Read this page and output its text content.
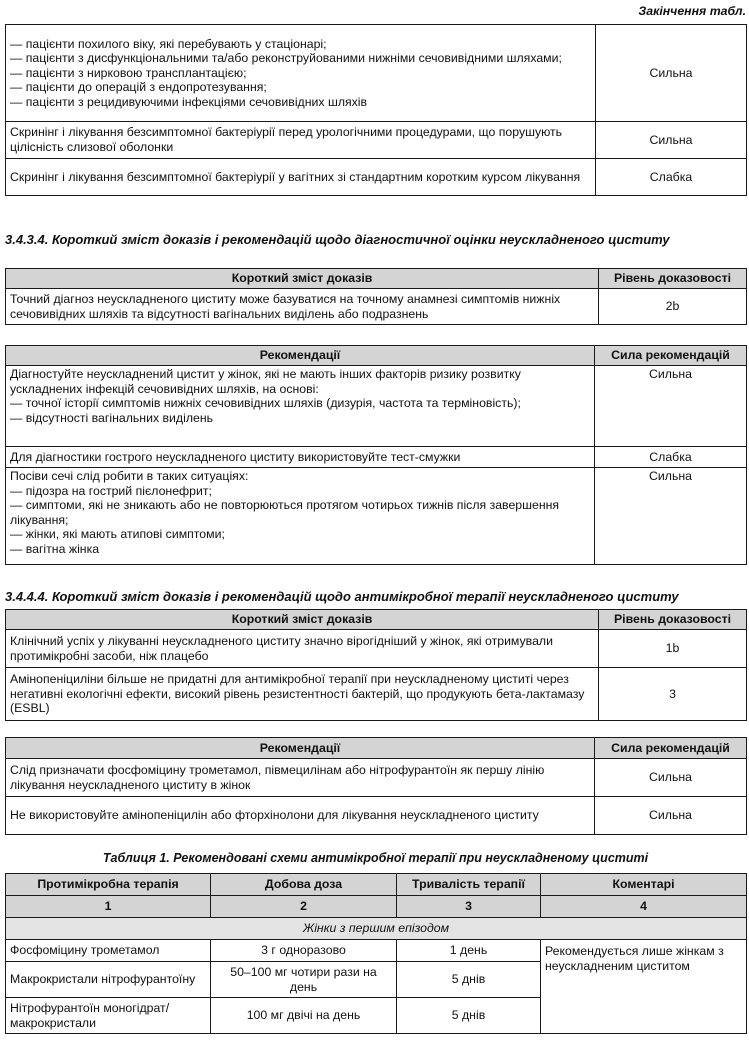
Закінчення табл.
— пацієнти похилого віку, які перебувають у стаціонарі;
— пацієнти з дисфункціональними та/або реконструйованими нижніми сечовивідними шляхами;
— пацієнти з нирковою трансплантацією;
— пацієнти до операцій з ендопротезування;
— пацієнти з рецидивуючими інфекціями сечовивідних шляхів	Сильна
Скринінг і лікування безсимптомної бактеріурії перед урологічними процедурами, що порушують цілісність слизової оболонки	Сильна
Скринінг і лікування безсимптомної бактеріурії у вагітних зі стандартним коротким курсом лікування	Слабка
3.4.3.4. Короткий зміст доказів і рекомендацій щодо діагностичної оцінки неускладненого циститу
Короткий зміст доказів	Рівень доказовості
Точний діагноз неускладненого циститу може базуватися на точному анамнезі симптомів нижніх сечовивідних шляхів та відсутності вагінальних виділень або подразнень	2b
Рекомендації	Сила рекомендацій

Діагностуйте неускладнений цистит у жінок, які не мають інших факторів ризику розвитку ускладнених інфекцій сечовивідних шляхів, на основі:
— точної історії симптомів нижніх сечовивідних шляхів (дизурія, частота та терміновість);
— відсутності вагінальних виділень	Сильна
Для діагностики гострого неускладненого циститу використовуйте тест-смужки	Слабка

Посіви сечі слід робити в таких ситуаціях:
— підозра на гострий пієлонефрит;
— симптоми, які не зникають або не повторюються протягом чотирьох тижнів після завершення лікування;
— жінки, які мають атипові симптоми;
— вагітна жінка	Сильна
3.4.4.4. Короткий зміст доказів і рекомендацій щодо антимікробної терапії неускладненого циститу
Короткий зміст доказів	Рівень доказовості
Клінічний успіх у лікуванні неускладненого циститу значно вірогідніший у жінок, які отримували протимікробні засоби, ніж плацебо	1b
Амінопеніциліни більше не придатні для антимікробної терапії при неускладненому циститі через негативні екологічні ефекти, високий рівень резистентності бактерій, що продукують бета-лактамазу (ESBL)	3
Рекомендації	Сила рекомендацій
Слід призначати фосфоміцину трометамол, півмецилінам або нітрофурантоїн як першу лінію лікування неускладненого циститу в жінок	Сильна
Не використовуйте амінопеніцилін або фторхінолони для лікування неускладненого циститу	Сильна
Таблиця 1. Рекомендовані схеми антимікробної терапії при неускладненому циститі
Протимікробна терапія	Добова доза	Тривалість терапії	Коментарі
1	2	3	4
Жінки з першим епізодом			
Фосфоміцину трометамол	3 г одноразово	1 день	Рекомендується лише жінкам з неускладненим циститом
Макрокристали нітрофурантоїну	50–100 мг чотири рази на день	5 днів	
Нітрофурантоїн моногідрат/ макрокристали	100 мг двічі на день	5 днів	
